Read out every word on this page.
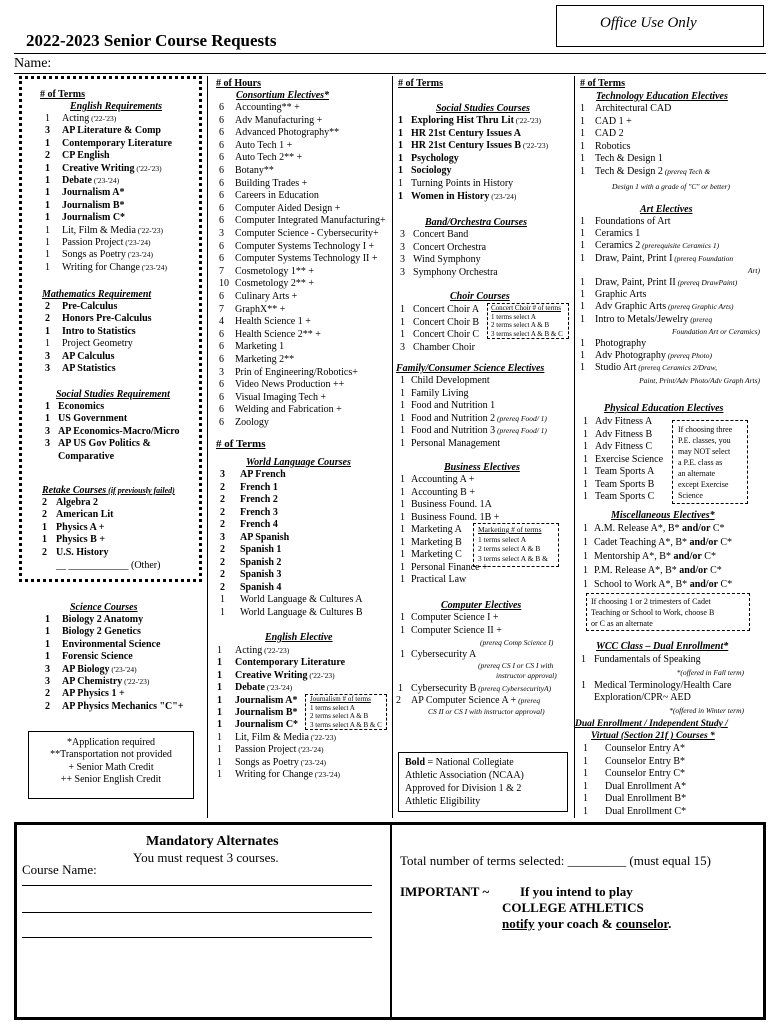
Office Use Only
2022-2023 Senior Course Requests
Name:
# of Terms
English Requirements
1 Acting ('22-'23)
3 AP Literature & Comp
1 Contemporary Literature
2 CP English
1 Creative Writing ('22-'23)
1 Debate ('23-'24)
1 Journalism A*
1 Journalism B*
1 Journalism C*
1 Lit, Film & Media ('22-'23)
1 Passion Project ('23-'24)
1 Songs as Poetry ('23-'24)
1 Writing for Change ('23-'24)
Mathematics Requirement
2 Pre-Calculus
2 Honors Pre-Calculus
1 Intro to Statistics
1 Project Geometry
3 AP Calculus
3 AP Statistics
Social Studies Requirement
1 Economics
1 US Government
3 AP Economics-Macro/Micro
3 AP US Gov Politics &
Comparative
Retake Courses (if previously failed)
2 Algebra 2
2 American Lit
1 Physics A +
1 Physics B +
2 U.S. History
__ ____________ (Other)
Science Courses
1 Biology 2 Anatomy
1 Biology 2 Genetics
1 Environmental Science
1 Forensic Science
3 AP Biology ('23-'24)
3 AP Chemistry ('22-'23)
2 AP Physics 1 +
2 AP Physics Mechanics "C"+
*Application required
**Transportation not provided
+ Senior Math Credit
++ Senior English Credit
# of Hours
Consortium Electives*
6 Accounting** +
6 Adv Manufacturing +
6 Advanced Photography**
6 Auto Tech 1 +
6 Auto Tech 2** +
6 Botany**
6 Building Trades +
6 Careers in Education
6 Computer Aided Design +
6 Computer Integrated Manufacturing+
3 Computer Science - Cybersecurity+
6 Computer Systems Technology I +
6 Computer Systems Technology II +
7 Cosmetology 1** +
10 Cosmetology 2** +
6 Culinary Arts +
7 GraphX** +
4 Health Science 1 +
6 Health Science 2** +
6 Marketing 1
6 Marketing 2**
3 Prin of Engineering/Robotics+
6 Video News Production ++
6 Visual Imaging Tech +
6 Welding and Fabrication +
6 Zoology
# of Terms
World Language Courses
3 AP French
2 French 1
2 French 2
2 French 3
2 French 4
3 AP Spanish
2 Spanish 1
2 Spanish 2
2 Spanish 3
2 Spanish 4
1 World Language & Cultures A
1 World Language & Cultures B
English Elective
1 Acting ('22-'23)
1 Contemporary Literature
1 Creative Writing ('22-'23)
1 Debate ('23-'24)
1 Journalism A*
1 Journalism B*
1 Journalism C*
1 Lit, Film & Media ('22-'23)
1 Passion Project ('23-'24)
1 Songs as Poetry ('23-'24)
1 Writing for Change ('23-'24)
Journalism # of terms
1 terms select A
2 terms select A & B
3 terms select A & B & C
# of Terms
Social Studies Courses
1 Exploring Hist Thru Lit ('22-'23)
1 HR 21st Century Issues A
1 HR 21st Century Issues B ('22-'23)
1 Psychology
1 Sociology
1 Turning Points in History
1 Women in History ('23-'24)
Band/Orchestra Courses
3 Concert Band
3 Concert Orchestra
3 Wind Symphony
3 Symphony Orchestra
Choir Courses
1 Concert Choir A
1 Concert Choir B
1 Concert Choir C
3 Chamber Choir
Concert Choir # of terms
1 terms select A
2 terms select A & B
3 terms select A & B & C
Family/Consumer Science Electives
1 Child Development
1 Family Living
1 Food and Nutrition 1
1 Food and Nutrition 2 (prereq Food/ 1)
1 Food and Nutrition 3 (prereq Food/ 1)
1 Personal Management
Business Electives
1 Accounting A +
1 Accounting B +
1 Business Found. 1A
1 Business Found. 1B +
1 Marketing A
1 Marketing B
1 Marketing C
1 Personal Finance +
1 Practical Law
Marketing # of terms
1 terms select A
2 terms select A & B
3 terms select A & B &
Computer Electives
1 Computer Science I +
1 Computer Science II +
(prereq Comp Science I)
1 Cybersecurity A
(prereq CS I or CS I with
instructor approval)
1 Cybersecurity B (prereq CybersecurityA)
2 AP Computer Science A + (prereq
CS II or CS I with instructor approval)
Bold = National Collegiate
Athletic Association (NCAA)
Approved for Division 1 & 2
Athletic Eligibility
# of Terms
Technology Education Electives
1 Architectural CAD
1 CAD 1 +
1 CAD 2
1 Robotics
1 Tech & Design 1
1 Tech & Design 2 (prereq Tech &
Design 1 with a grade of "C" or better)
Art Electives
1 Foundations of Art
1 Ceramics 1
1 Ceramics 2 (prerequisite Ceramics 1)
1 Draw, Paint, Print I (prereq Foundation
Art)
1 Draw, Paint, Print II (prereq DrawPaint)
1 Graphic Arts
1 Adv Graphic Arts (prereq Graphic Arts)
1 Intro to Metals/Jewelry (prereq
Foundation Art or Ceramics)
1 Photography
1 Adv Photography (prereq Photo)
1 Studio Art (prereq Ceramics 2/Draw,
Paint, Print/Adv Photo/Adv Graph Arts)
Physical Education Electives
1 Adv Fitness A
1 Adv Fitness B
1 Adv Fitness C
1 Exercise Science
1 Team Sports A
1 Team Sports B
1 Team Sports C
If choosing three
P.E. classes, you
may NOT select
a P.E. class as
an alternate
except Exercise
Science
Miscellaneous Electives*
1 A.M. Release A*, B* and/or C*
1 Cadet Teaching A*, B* and/or C*
1 Mentorship A*, B* and/or C*
1 P.M. Release A*, B* and/or C*
1 School to Work A*, B* and/or C*
If choosing 1 or 2 trimesters of Cadet
Teaching or School to Work, choose B
or C as an alternate
WCC Class – Dual Enrollment*
1 Fundamentals of Speaking
*(offered in Fall term)
1 Medical Terminology/Health Care
Exploration/CPR~ AED
*(offered in Winter term)
Dual Enrollment / Independent Study /
Virtual (Section 21f ) Courses *
1 Counselor Entry A*
1 Counselor Entry B*
1 Counselor Entry C*
1 Dual Enrollment A*
1 Dual Enrollment B*
1 Dual Enrollment C*
Mandatory Alternates
You must request 3 courses.
Course Name:
Total number of terms selected: _________ (must equal 15)
IMPORTANT ~ If you intend to play
COLLEGE ATHLETICS
notify your coach & counselor.
